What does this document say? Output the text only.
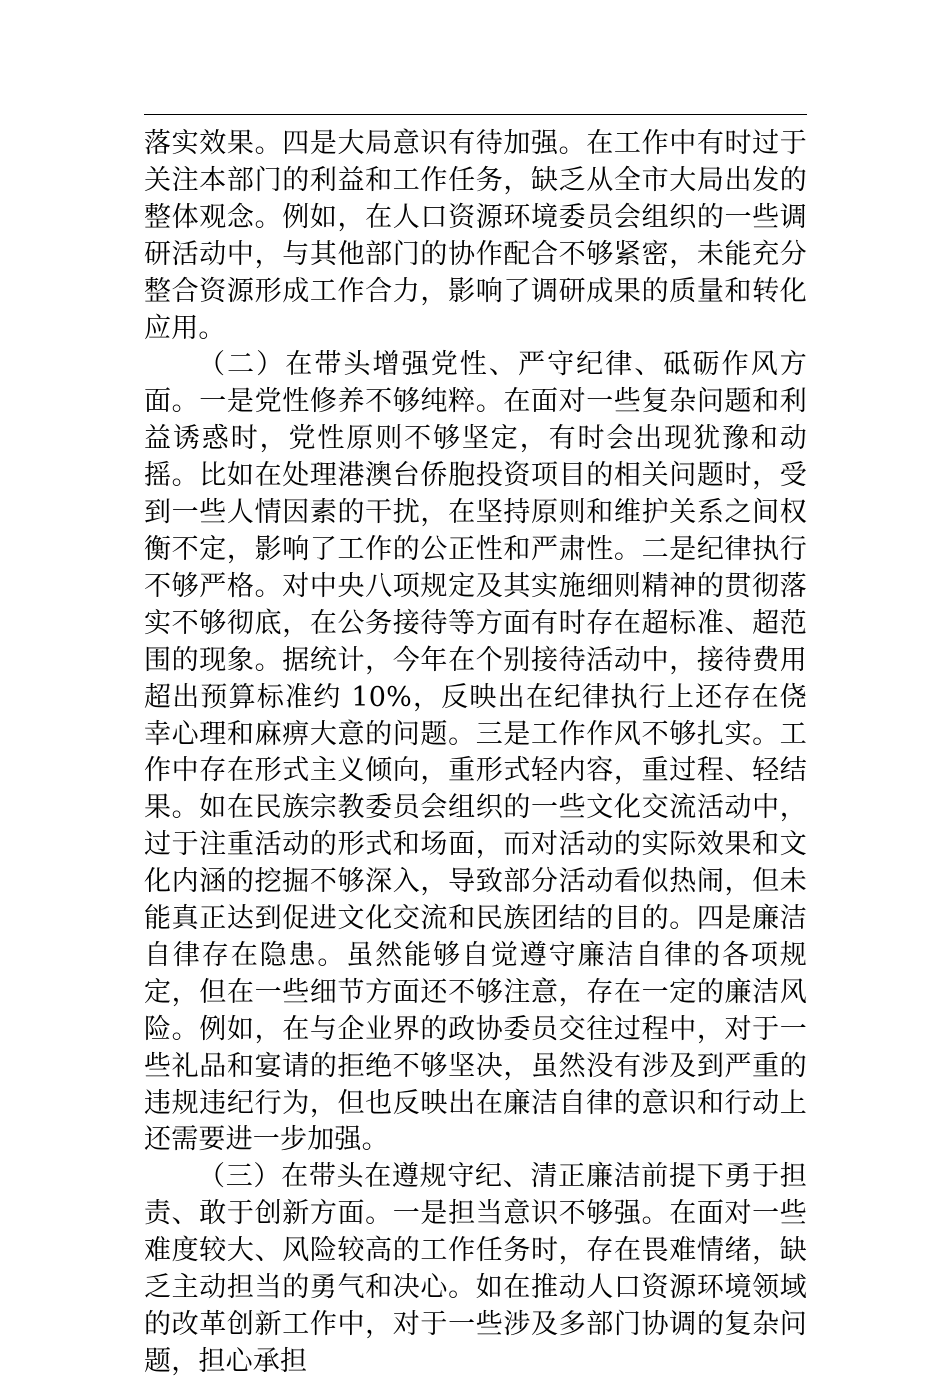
落实效果。四是大局意识有待加强。在工作中有时过于关注本部门的利益和工作任务，缺乏从全市大局出发的整体观念。例如，在人口资源环境委员会组织的一些调研活动中，与其他部门的协作配合不够紧密，未能充分整合资源形成工作合力，影响了调研成果的质量和转化应用。

（二）在带头增强党性、严守纪律、砥砺作风方面。一是党性修养不够纯粹。在面对一些复杂问题和利益诱惑时，党性原则不够坚定，有时会出现犹豫和动摇。比如在处理港澳台侨胞投资项目的相关问题时，受到一些人情因素的干扰，在坚持原则和维护关系之间权衡不定，影响了工作的公正性和严肃性。二是纪律执行不够严格。对中央八项规定及其实施细则精神的贯彻落实不够彻底，在公务接待等方面有时存在超标准、超范围的现象。据统计，今年在个别接待活动中，接待费用超出预算标准约 10%，反映出在纪律执行上还存在侥幸心理和麻痹大意的问题。三是工作作风不够扎实。工作中存在形式主义倾向，重形式轻内容，重过程、轻结果。如在民族宗教委员会组织的一些文化交流活动中，过于注重活动的形式和场面，而对活动的实际效果和文化内涵的挖掘不够深入，导致部分活动看似热闹，但未能真正达到促进文化交流和民族团结的目的。四是廉洁自律存在隐患。虽然能够自觉遵守廉洁自律的各项规定，但在一些细节方面还不够注意，存在一定的廉洁风险。例如，在与企业界的政协委员交往过程中，对于一些礼品和宴请的拒绝不够坚决，虽然没有涉及到严重的违规违纪行为，但也反映出在廉洁自律的意识和行动上还需要进一步加强。

（三）在带头在遵规守纪、清正廉洁前提下勇于担责、敢于创新方面。一是担当意识不够强。在面对一些难度较大、风险较高的工作任务时，存在畏难情绪，缺乏主动担当的勇气和决心。如在推动人口资源环境领域的改革创新工作中，对于一些涉及多部门协调的复杂问题，担心承担
